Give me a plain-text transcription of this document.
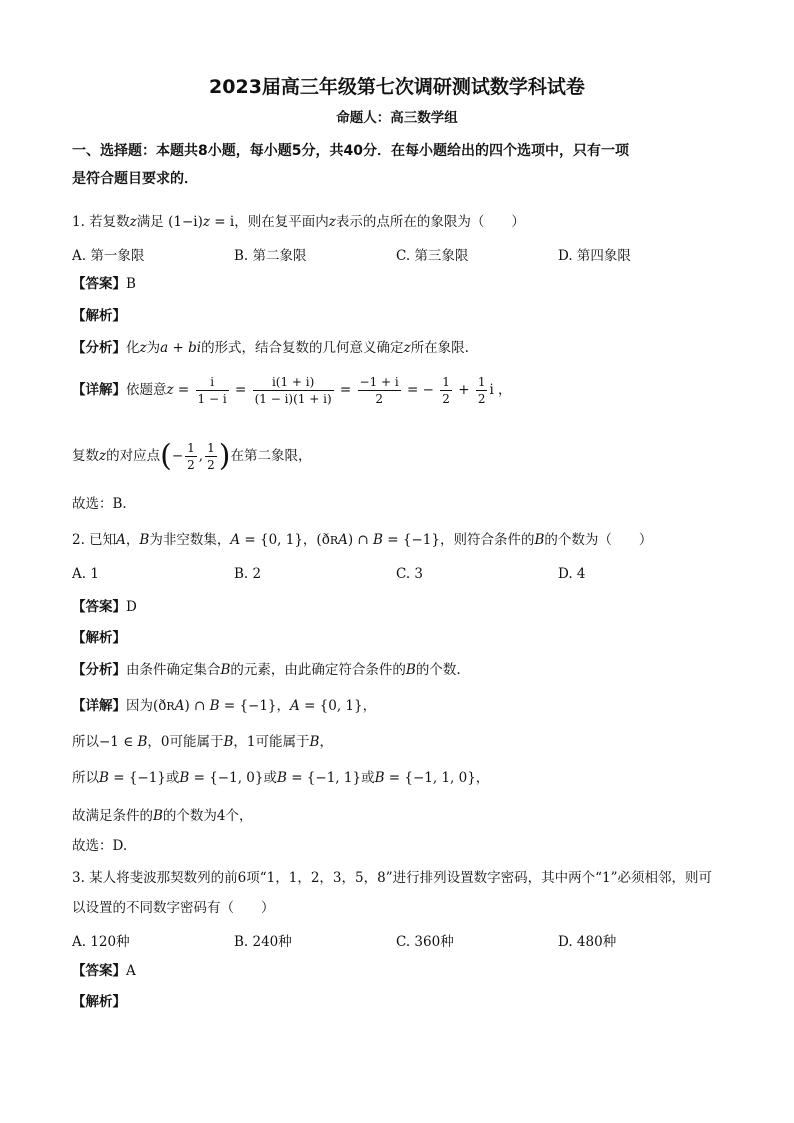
2023届高三年级第七次调研测试数学科试卷
命题人：高三数学组
一、选择题：本题共8小题，每小题5分，共40分．在每小题给出的四个选项中，只有一项
是符合题目要求的．
1. 若复数z满足 (1−i)z = i，则在复平面内z表示的点所在的象限为（　　）
A. 第一象限	B. 第二象限	C. 第三象限	D. 第四象限
【答案】B
【解析】
【分析】化z为a + bi的形式，结合复数的几何意义确定z所在象限.
【详解】依题意$z = \frac{i}{1 - i} = \frac{i(1 + i)}{(1 - i)(1 + i)} = \frac{-1 + i}{2}$ = − $\frac{1}{2} + \frac{1}{2}$ i ，
复数z的对应点(− $\frac{1}{2}$ , $\frac{1}{2}$ )在第二象限，
故选：B.
2. 已知A，B为非空数集，A = {0, 1}，(ðRA) ∩ B = {−1}，则符合条件的B的个数为（　　）
A. 1	B. 2	C. 3	D. 4
【答案】D
【解析】
【分析】由条件确定集合B的元素，由此确定符合条件的B的个数.
【详解】因为(ðRA) ∩ B = {−1}，A = {0, 1}，
所以−1 ∈ B，0可能属于B，1可能属于B，
所以B = {−1}或B = {−1, 0}或B = {−1, 1}或B = {−1, 1, 0}，
故满足条件的B的个数为4个，
故选：D.
3. 某人将斐波那契数列的前6项“1，1，2，3，5，8”进行排列设置数字密码，其中两个“1”必须相邻，则可
以设置的不同数字密码有（　　）
A. 120种	B. 240种	C. 360种	D. 480种
【答案】A
【解析】
